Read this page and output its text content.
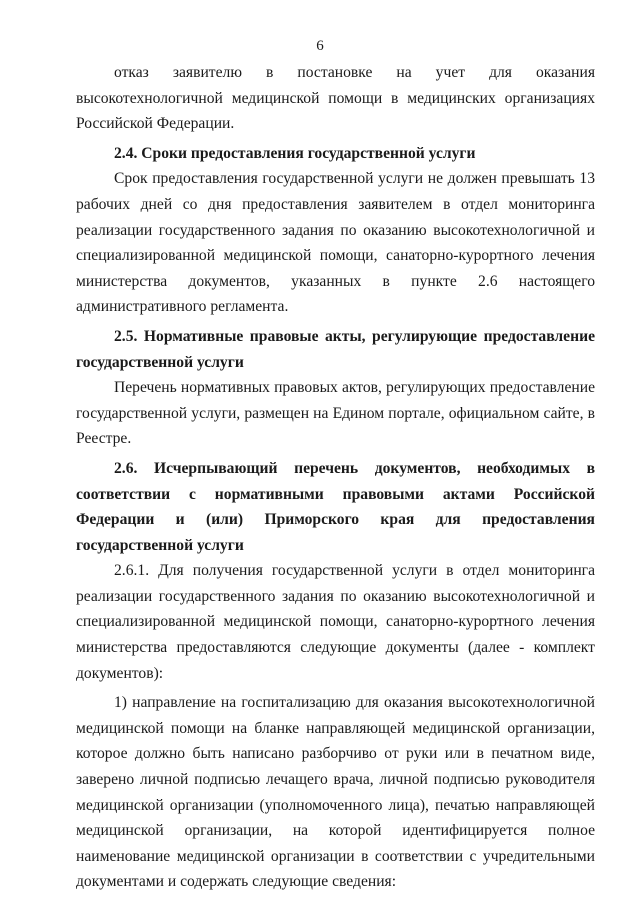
6

отказ заявителю в постановке на учет для оказания высокотехнологичной медицинской помощи в медицинских организациях Российской Федерации.

2.4. Сроки предоставления государственной услуги

Срок предоставления государственной услуги не должен превышать 13 рабочих дней со дня предоставления заявителем в отдел мониторинга реализации государственного задания по оказанию высокотехнологичной и специализированной медицинской помощи, санаторно-курортного лечения министерства документов, указанных в пункте 2.6 настоящего административного регламента.

2.5. Нормативные правовые акты, регулирующие предоставление государственной услуги

Перечень нормативных правовых актов, регулирующих предоставление государственной услуги, размещен на Едином портале, официальном сайте, в Реестре.

2.6. Исчерпывающий перечень документов, необходимых в соответствии с нормативными правовыми актами Российской Федерации и (или) Приморского края для предоставления государственной услуги

2.6.1. Для получения государственной услуги в отдел мониторинга реализации государственного задания по оказанию высокотехнологичной и специализированной медицинской помощи, санаторно-курортного лечения министерства предоставляются следующие документы (далее - комплект документов):

1) направление на госпитализацию для оказания высокотехнологичной медицинской помощи на бланке направляющей медицинской организации, которое должно быть написано разборчиво от руки или в печатном виде, заверено личной подписью лечащего врача, личной подписью руководителя медицинской организации (уполномоченного лица), печатью направляющей медицинской организации, на которой идентифицируется полное наименование медицинской организации в соответствии с учредительными документами и содержать следующие сведения:
